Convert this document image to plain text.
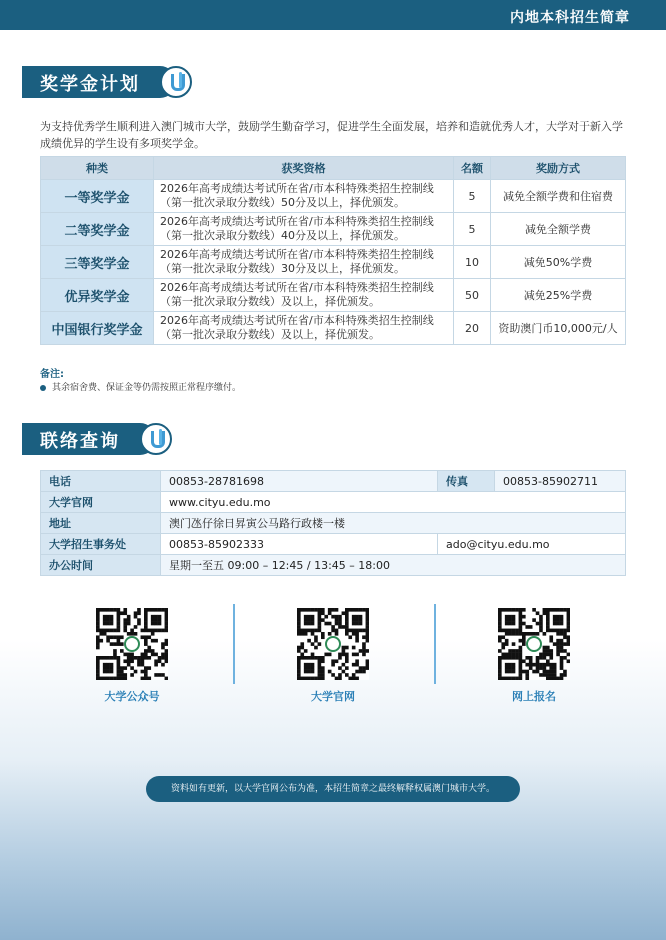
内地本科招生简章
奖学金计划
为支持优秀学生顺利进入澳门城市大学，鼓励学生勤奋学习，促进学生全面发展，培养和造就优秀人才，大学对于新入学成绩优异的学生设有多项奖学金。
种类	获奖资格	名额	奖励方式
一等奖学金	2026年高考成绩达考试所在省/市本科特殊类招生控制线
（第一批次录取分数线）50分及以上，择优颁发。	5	减免全额学费和住宿费
二等奖学金	2026年高考成绩达考试所在省/市本科特殊类招生控制线
（第一批次录取分数线）40分及以上，择优颁发。	5	减免全额学费
三等奖学金	2026年高考成绩达考试所在省/市本科特殊类招生控制线
（第一批次录取分数线）30分及以上，择优颁发。	10	减免50%学费
优异奖学金	2026年高考成绩达考试所在省/市本科特殊类招生控制线
（第一批次录取分数线）及以上，择优颁发。	50	减免25%学费
中国银行奖学金	2026年高考成绩达考试所在省/市本科特殊类招生控制线
（第一批次录取分数线）及以上，择优颁发。	20	资助澳门币10,000元/人
备注:
其余宿舍费、保证金等仍需按照正常程序缴付。
联络查询
电话	00853-28781698	传真	00853-85902711
大学官网	www.cityu.edu.mo		
地址	澳门氹仔徐日昇寅公马路行政楼一楼		
大学招生事务处	00853-85902333	ado@cityu.edu.mo	
办公时间	星期一至五 09:00 – 12:45 / 13:45 – 18:00		
大学公众号	大学官网	网上报名
资料如有更新，以大学官网公布为准，本招生简章之最终解释权属澳门城市大学。
